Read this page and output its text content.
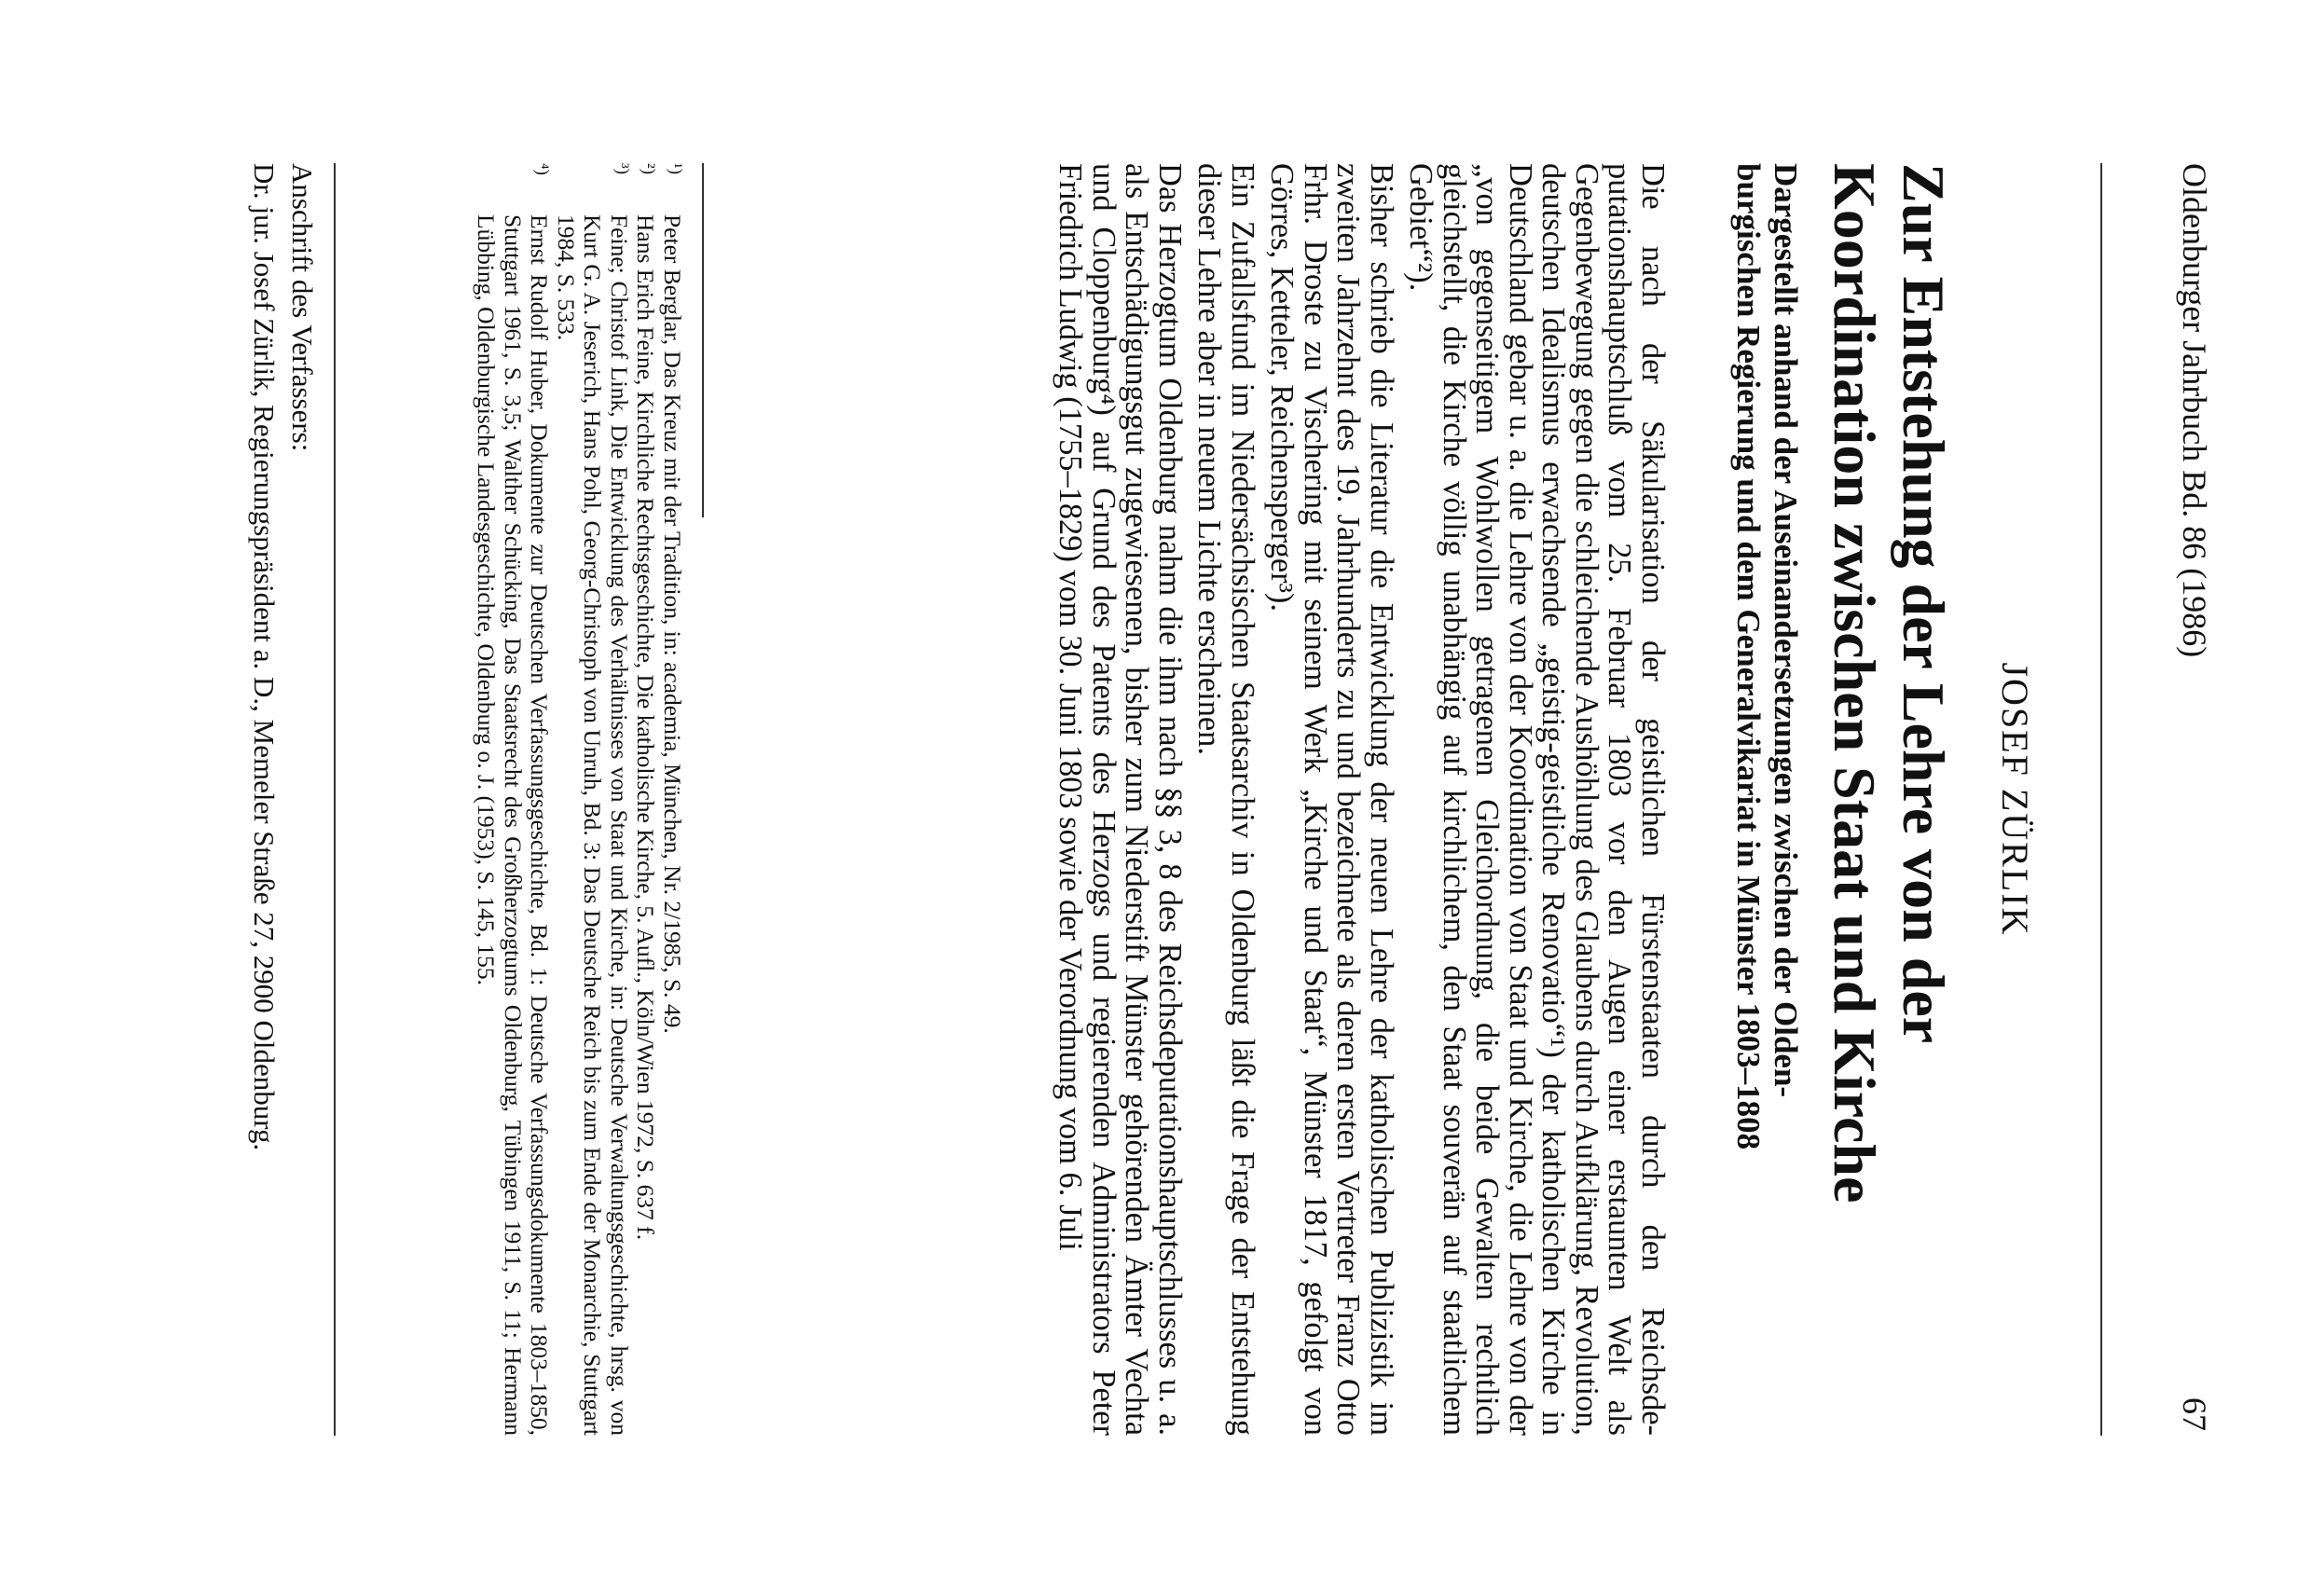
Oldenburger Jahrbuch Bd. 86 (1986)
67
JOSEF ZÜRLIK
Zur Entstehung der Lehre von der
Koordination zwischen Staat und Kirche
Dargestellt anhand der Auseinandersetzungen zwischen der Olden-
burgischen Regierung und dem Generalvikariat in Münster 1803–1808

Die nach der Säkularisation der geistlichen Fürstenstaaten durch den Reichsdeputationshauptschluß vom 25. Februar 1803 vor den Augen einer erstaunten Welt als Gegenbewegung gegen die schleichende Aushöhlung des Glaubens durch Aufklärung, Revolution, deutschen Idealismus erwachsende „geistig-geistliche Renovatio“¹) der katholischen Kirche in Deutschland gebar u. a. die Lehre von der Koordination von Staat und Kirche, die Lehre von der „von gegenseitigem Wohlwollen getragenen Gleichordnung, die beide Gewalten rechtlich gleichstellt, die Kirche völlig unabhängig auf kirchlichem, den Staat souverän auf staatlichem Gebiet“²).

Bisher schrieb die Literatur die Entwicklung der neuen Lehre der katholischen Publizistik im zweiten Jahrzehnt des 19. Jahrhunderts zu und bezeichnete als deren ersten Vertreter Franz Otto Frhr. Droste zu Vischering mit seinem Werk „Kirche und Staat“, Münster 1817, gefolgt von Görres, Ketteler, Reichensperger³).

Ein Zufallsfund im Niedersächsischen Staatsarchiv in Oldenburg läßt die Frage der Entstehung dieser Lehre aber in neuem Lichte erscheinen.

Das Herzogtum Oldenburg nahm die ihm nach §§ 3, 8 des Reichsdeputationshauptschlusses u. a. als Entschädigungsgut zugewiesenen, bisher zum Niederstift Münster gehörenden Ämter Vechta und Cloppenburg⁴) auf Grund des Patents des Herzogs und regierenden Administrators Peter Friedrich Ludwig (1755–1829) vom 30. Juni 1803 sowie der Verordnung vom 6. Juli

¹)
Peter Berglar, Das Kreuz mit der Tradition, in: academia, München, Nr. 2/1985, S. 49.

²)
Hans Erich Feine, Kirchliche Rechtsgeschichte, Die katholische Kirche, 5. Aufl., Köln/Wien 1972, S. 637 f.

³)
Feine; Christof Link, Die Entwicklung des Verhältnisses von Staat und Kirche, in: Deutsche Verwaltungsgeschichte, hrsg. von Kurt G. A. Jeserich, Hans Pohl, Georg-Christoph von Unruh, Bd. 3: Das Deutsche Reich bis zum Ende der Monarchie, Stuttgart 1984, S. 533.

⁴)
Ernst Rudolf Huber, Dokumente zur Deutschen Verfassungsgeschichte, Bd. 1: Deutsche Verfassungsdokumente 1803–1850, Stuttgart 1961, S. 3,5; Walther Schücking, Das Staatsrecht des Großherzogtums Oldenburg, Tübingen 1911, S. 11; Hermann Lübbing, Oldenburgische Landesgeschichte, Oldenburg o. J. (1953), S. 145, 155.

Anschrift des Verfassers:
Dr. jur. Josef Zürlik, Regierungspräsident a. D., Memeler Straße 27, 2900 Oldenburg.
